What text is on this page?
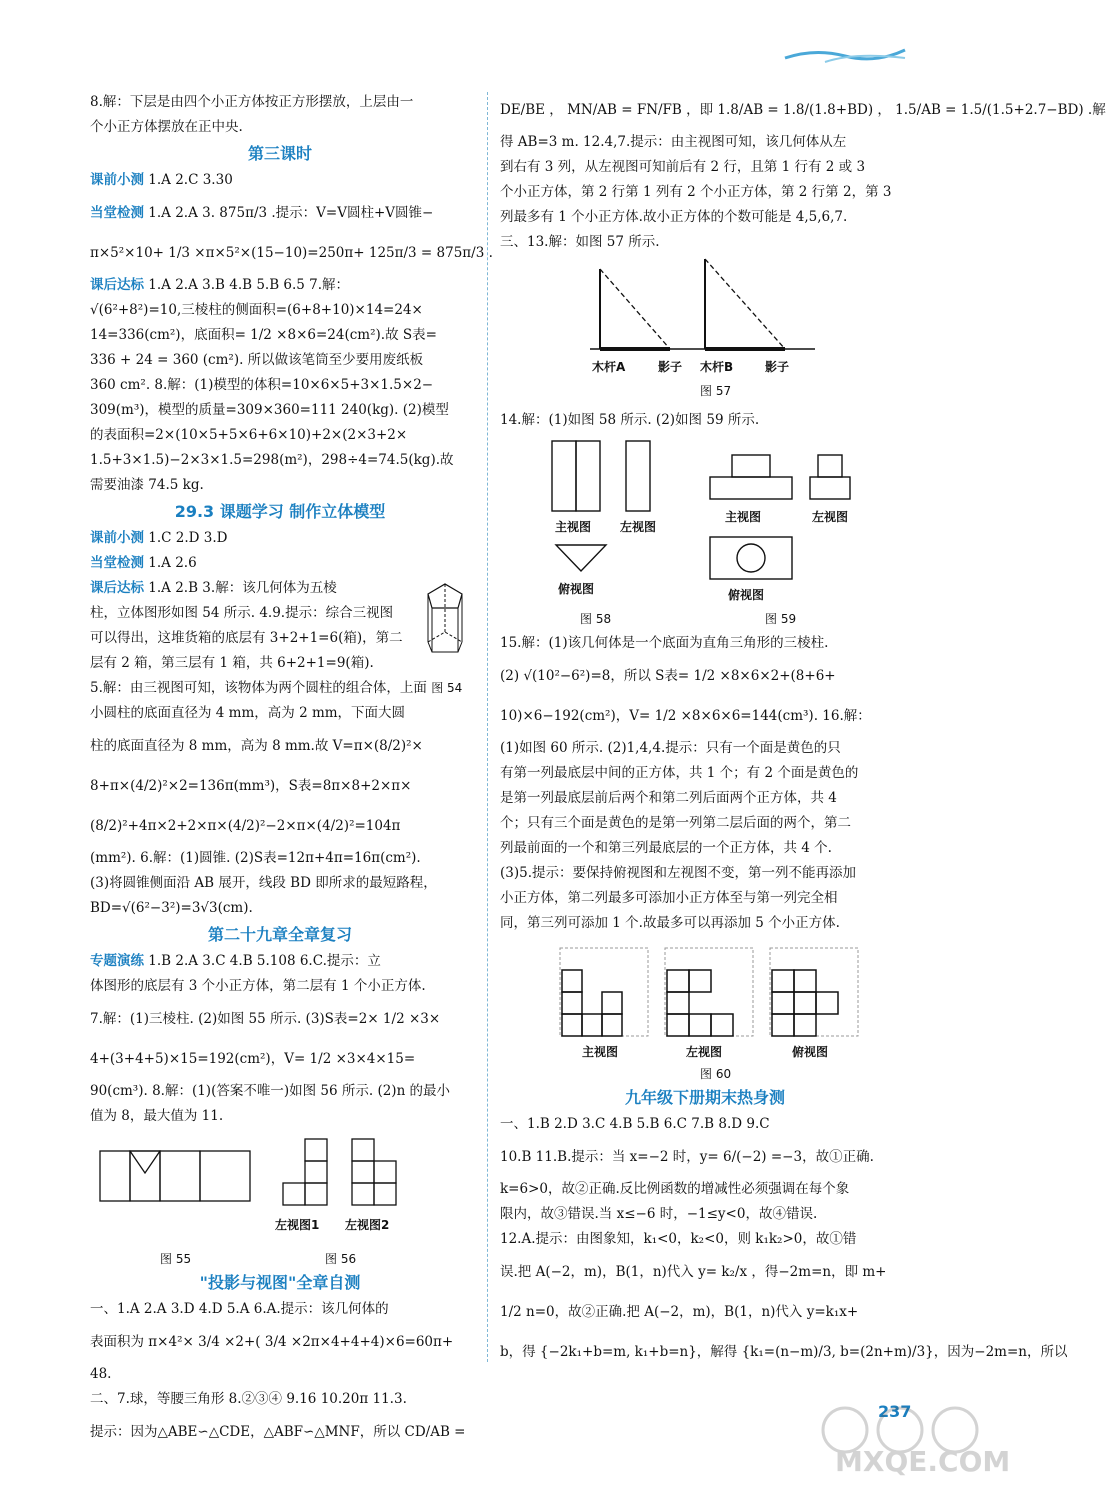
8.解：下层是由四个小正方体按正方形摆放，上层由一
个小正方体摆放在正中央.
第三课时
课前小测 1.A 2.C 3.30
当堂检测 1.A 2.A 3. 875π/3 .提示：V=V圆柱+V圆锥−
π×5²×10+ 1/3 ×π×5²×(15−10)=250π+ 125π/3 = 875π/3 .
课后达标 1.A 2.A 3.B 4.B 5.B 6.5 7.解：
√(6²+8²)=10,三棱柱的侧面积=(6+8+10)×14=24×
14=336(cm²)，底面积= 1/2 ×8×6=24(cm²).故 S表=
336 + 24 = 360 (cm²). 所以做该笔筒至少要用废纸板
360 cm². 8.解：(1)模型的体积=10×6×5+3×1.5×2−
309(m³)，模型的质量=309×360=111 240(kg). (2)模型
的表面积=2×(10×5+5×6+6×10)+2×(2×3+2×
1.5+3×1.5)−2×3×1.5=298(m²)，298÷4=74.5(kg).故
需要油漆 74.5 kg.
29.3 课题学习 制作立体模型
课前小测 1.C 2.D 3.D
当堂检测 1.A 2.6
课后达标 1.A 2.B 3.解：该几何体为五棱
柱，立体图形如图 54 所示. 4.9.提示：综合三视图
可以得出，这堆货箱的底层有 3+2+1=6(箱)，第二
层有 2 箱，第三层有 1 箱，共 6+2+1=9(箱).
5.解：由三视图可知，该物体为两个圆柱的组合体，上面 图 54
小圆柱的底面直径为 4 mm，高为 2 mm，下面大圆
柱的底面直径为 8 mm，高为 8 mm.故 V=π×(8/2)²×
8+π×(4/2)²×2=136π(mm³)，S表=8π×8+2×π×
(8/2)²+4π×2+2×π×(4/2)²−2×π×(4/2)²=104π
(mm²). 6.解：(1)圆锥. (2)S表=12π+4π=16π(cm²).
(3)将圆锥侧面沿 AB 展开，线段 BD 即所求的最短路程，
BD=√(6²−3²)=3√3(cm).
第二十九章全章复习
专题演练 1.B 2.A 3.C 4.B 5.108 6.C.提示：立
体图形的底层有 3 个小正方体，第二层有 1 个小正方体.
7.解：(1)三棱柱. (2)如图 55 所示. (3)S表=2× 1/2 ×3×
4+(3+4+5)×15=192(cm²)，V= 1/2 ×3×4×15=
90(cm³). 8.解：(1)(答案不唯一)如图 56 所示. (2)n 的最小
值为 8，最大值为 11.
左视图1 左视图2
图 55	图 56
"投影与视图"全章自测
一、1.A 2.A 3.D 4.D 5.A 6.A.提示：该几何体的
表面积为 π×4²× 3/4 ×2+( 3/4 ×2π×4+4+4)×6=60π+
48.
二、7.球，等腰三角形 8.②③④ 9.16 10.20π 11.3.
提示：因为△ABE∽△CDE，△ABF∽△MNF，所以 CD/AB =
DE/BE ， MN/AB = FN/FB ，即 1.8/AB = 1.8/(1.8+BD) ， 1.5/AB = 1.5/(1.5+2.7−BD) .解
得 AB=3 m. 12.4,7.提示：由主视图可知，该几何体从左
到右有 3 列，从左视图可知前后有 2 行，且第 1 行有 2 或 3
个小正方体，第 2 行第 1 列有 2 个小正方体，第 2 行第 2，第 3
列最多有 1 个小正方体.故小正方体的个数可能是 4,5,6,7.
三、13.解：如图 57 所示.
木杆A	影子 木杆B	影子
图 57
14.解：(1)如图 58 所示. (2)如图 59 所示.
主视图 左视图
主视图	左视图
俯视图	俯视图
图 58	图 59
15.解：(1)该几何体是一个底面为直角三角形的三棱柱.
(2) √(10²−6²)=8，所以 S表= 1/2 ×8×6×2+(8+6+
10)×6−192(cm²)，V= 1/2 ×8×6×6=144(cm³). 16.解：
(1)如图 60 所示. (2)1,4,4.提示：只有一个面是黄色的只
有第一列最底层中间的正方体，共 1 个；有 2 个面是黄色的
是第一列最底层前后两个和第二列后面两个正方体，共 4
个；只有三个面是黄色的是第一列第二层后面的两个，第二
列最前面的一个和第三列最底层的一个正方体，共 4 个.
(3)5.提示：要保持俯视图和左视图不变，第一列不能再添加
小正方体，第二列最多可添加小正方体至与第一列完全相
同，第三列可添加 1 个.故最多可以再添加 5 个小正方体.
主视图	左视图	俯视图
图 60
九年级下册期末热身测
一、1.B 2.D 3.C 4.B 5.B 6.C 7.B 8.D 9.C
10.B 11.B.提示：当 x=−2 时，y= 6/(−2) =−3，故①正确.
k=6>0，故②正确.反比例函数的增减性必须强调在每个象
限内，故③错误.当 x≤−6 时，−1≤y<0，故④错误.
12.A.提示：由图象知，k₁<0，k₂<0，则 k₁k₂>0，故①错
误.把 A(−2，m)，B(1，n)代入 y= k₂/x ，得−2m=n，即 m+
1/2 n=0，故②正确.把 A(−2，m)，B(1，n)代入 y=k₁x+
b，得 {−2k₁+b=m, k₁+b=n}，解得 {k₁=(n−m)/3, b=(2n+m)/3}，因为−2m=n，所以
237
MXQE.COM
